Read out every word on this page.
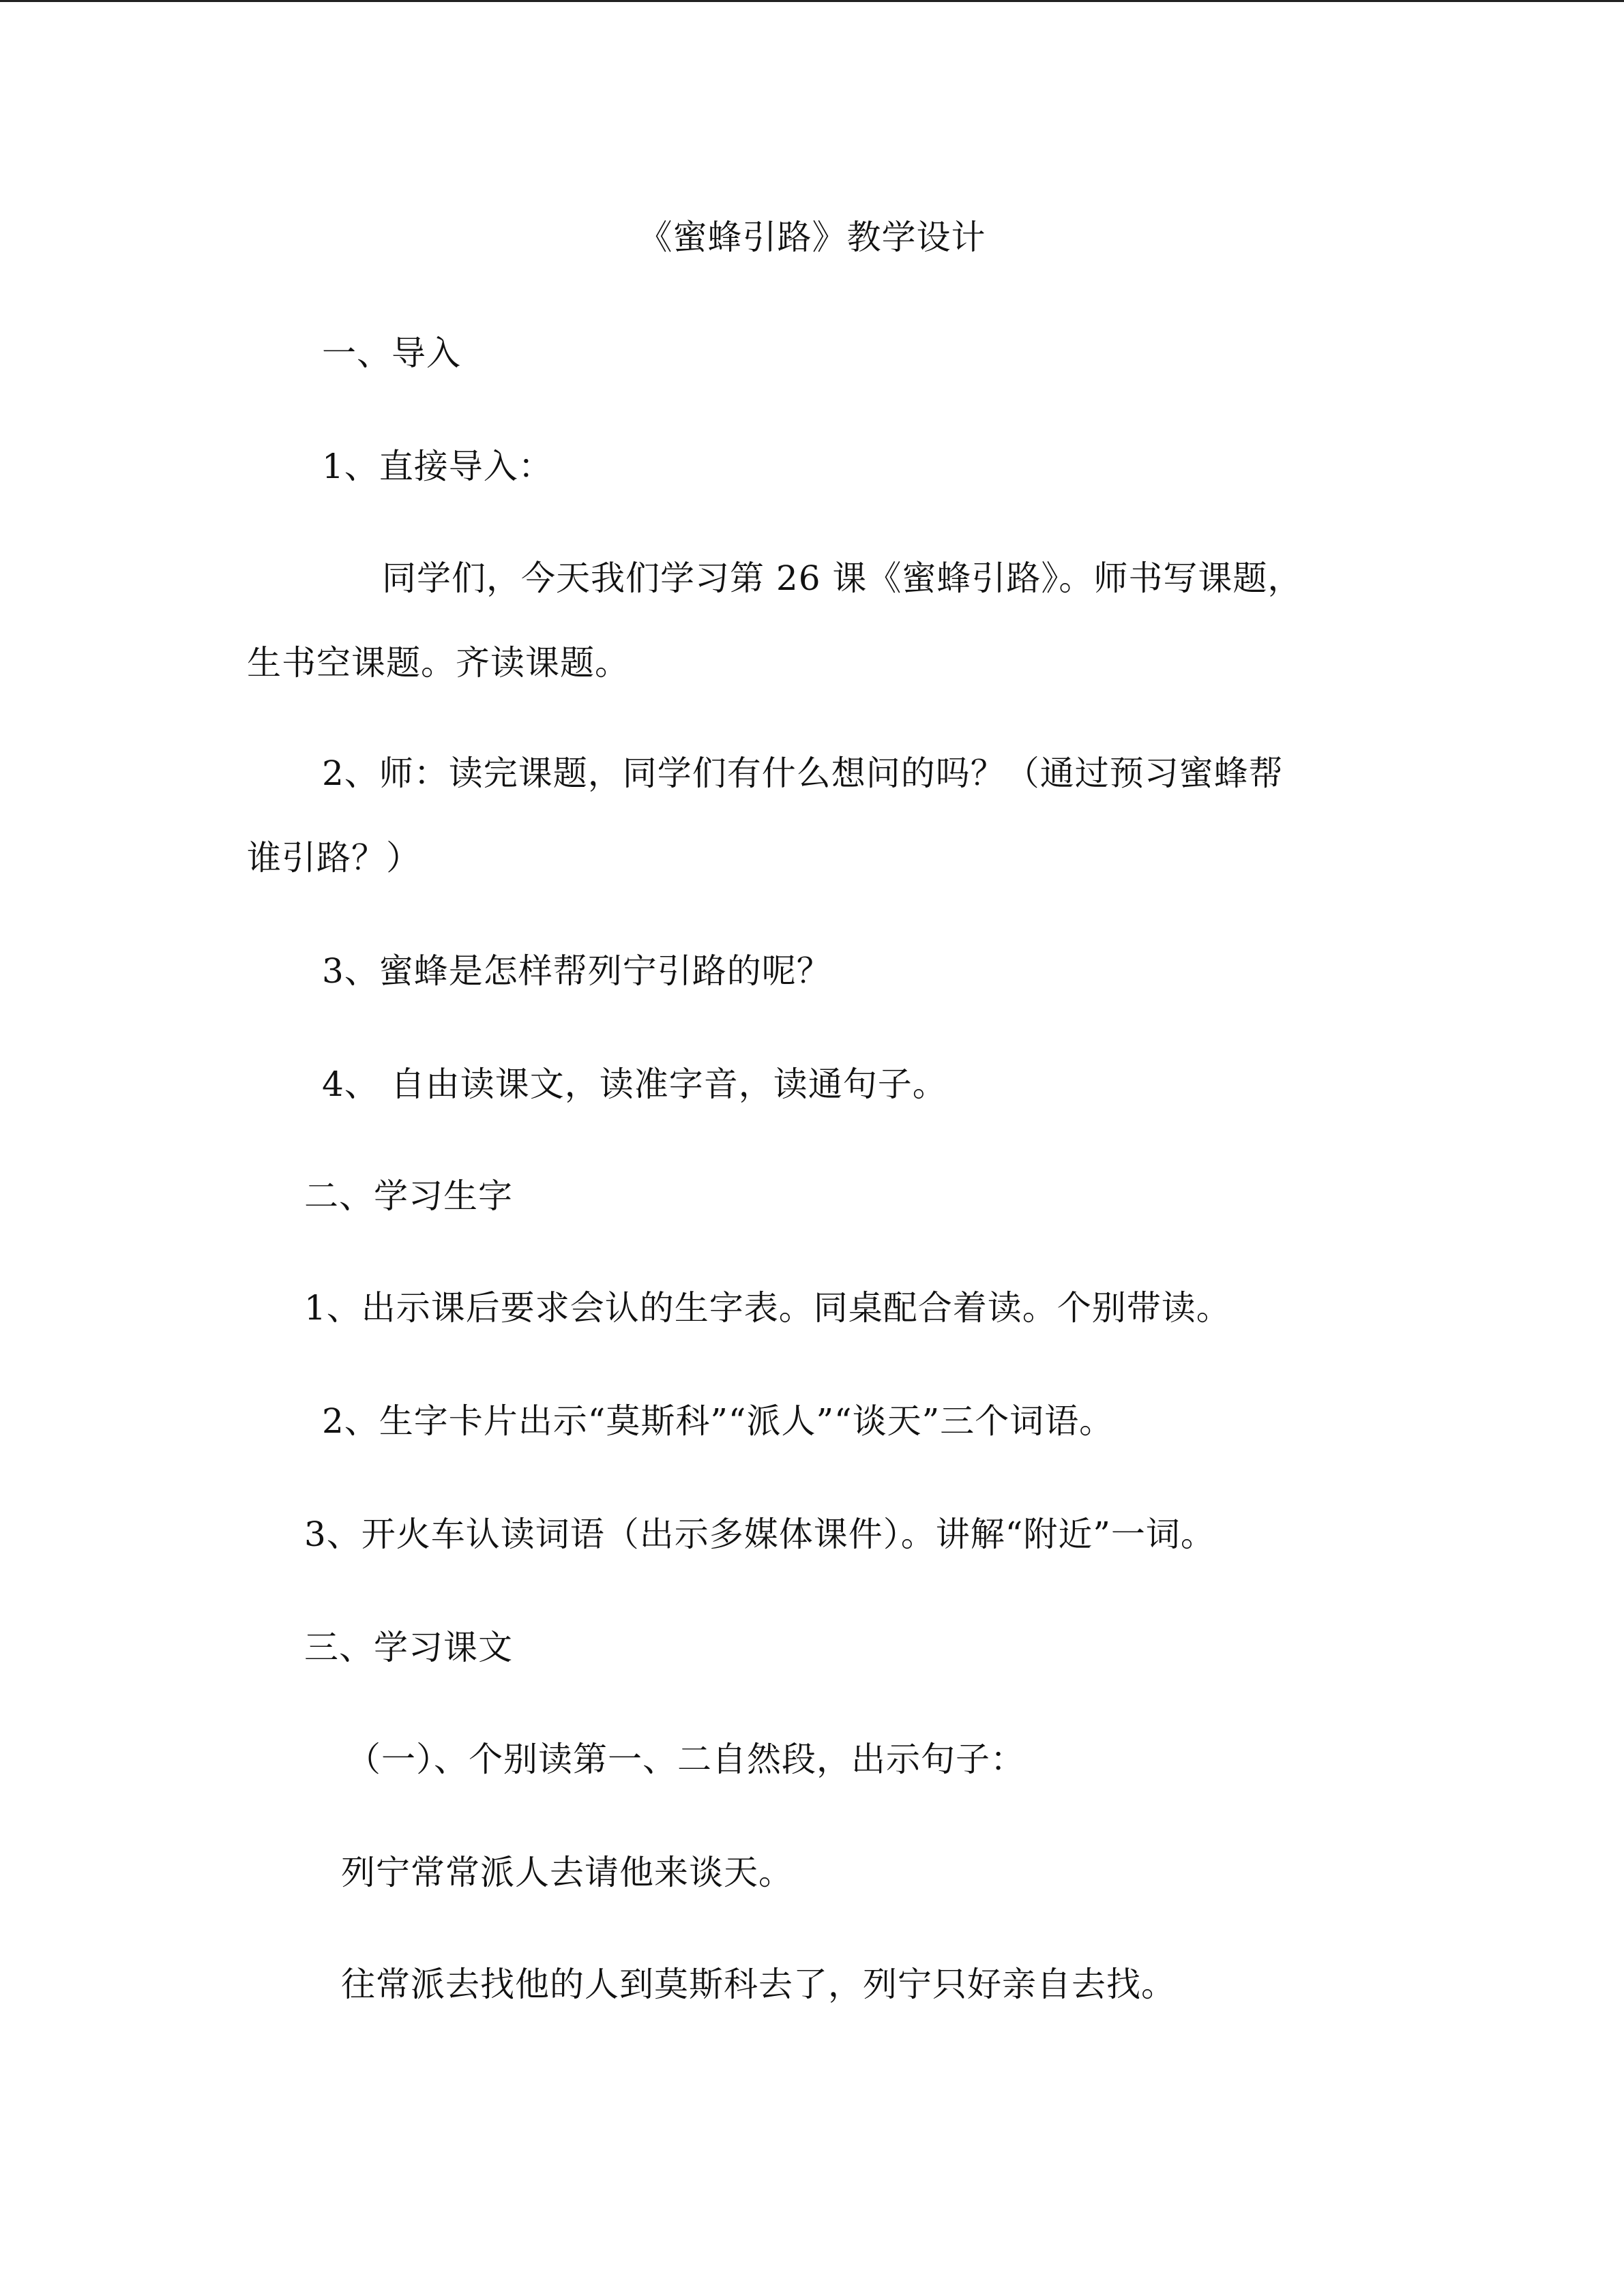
《蜜蜂引路》教学设计
一、导入
1、直接导入：
同学们，今天我们学习第 26 课《蜜蜂引路》。师书写课题，
生书空课题。齐读课题。
2、师：读完课题，同学们有什么想问的吗？（通过预习蜜蜂帮
谁引路？）
3、蜜蜂是怎样帮列宁引路的呢？
4、 自由读课文，读准字音，读通句子。
二、学习生字
1、出示课后要求会认的生字表。同桌配合着读。个别带读。
2、生字卡片出示“莫斯科”“派人”“谈天”三个词语。
3、开火车认读词语（出示多媒体课件）。讲解“附近”一词。
三、学习课文
（一）、个别读第一、二自然段，出示句子：
列宁常常派人去请他来谈天。
往常派去找他的人到莫斯科去了，列宁只好亲自去找。
